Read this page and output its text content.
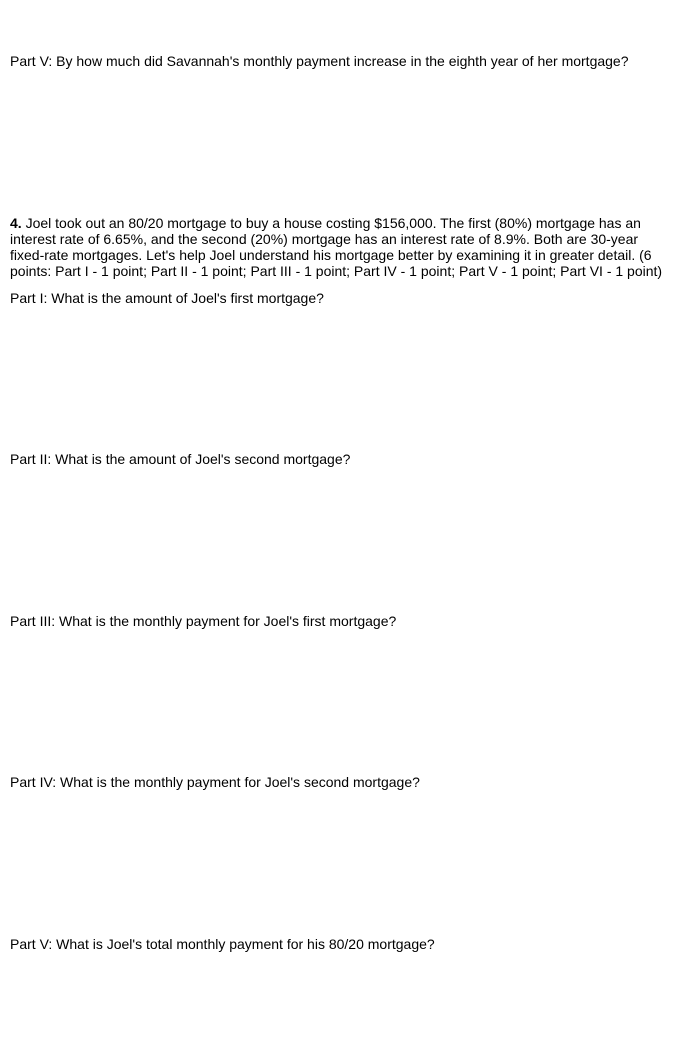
Part V: By how much did Savannah's monthly payment increase in the eighth year of her mortgage?
4. Joel took out an 80/20 mortgage to buy a house costing $156,000. The first (80%) mortgage has an
interest rate of 6.65%, and the second (20%) mortgage has an interest rate of 8.9%. Both are 30-year
fixed-rate mortgages. Let's help Joel understand his mortgage better by examining it in greater detail. (6
points: Part I - 1 point; Part II - 1 point; Part III - 1 point; Part IV - 1 point; Part V - 1 point; Part VI - 1 point)
Part I: What is the amount of Joel's first mortgage?
Part II: What is the amount of Joel's second mortgage?
Part III: What is the monthly payment for Joel's first mortgage?
Part IV: What is the monthly payment for Joel's second mortgage?
Part V: What is Joel's total monthly payment for his 80/20 mortgage?
